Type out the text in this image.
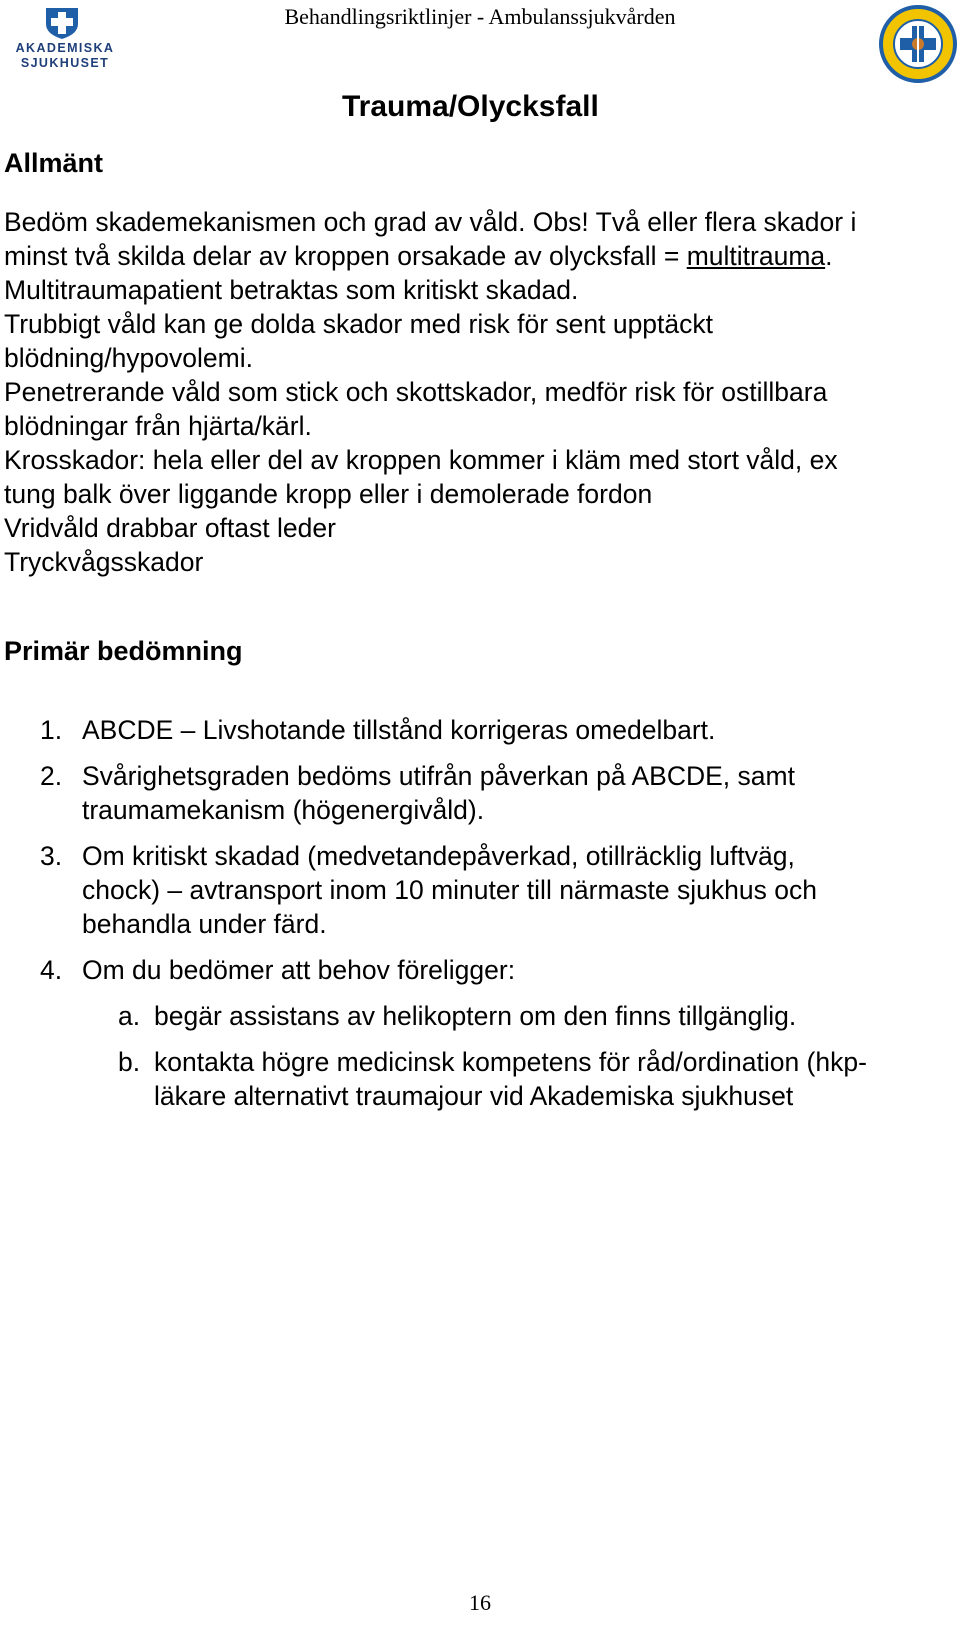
AKADEMISKA
SJUKHUSET
Behandlingsriktlinjer - Ambulanssjukvården
Trauma/Olycksfall
Allmänt
Bedöm skademekanismen och grad av våld. Obs! Två eller flera skador i
minst två skilda delar av kroppen orsakade av olycksfall = multitrauma.
Multitraumapatient betraktas som kritiskt skadad.
Trubbigt våld kan ge dolda skador med risk för sent upptäckt
blödning/hypovolemi.
Penetrerande våld som stick och skottskador, medför risk för ostillbara
blödningar från hjärta/kärl.
Krosskador: hela eller del av kroppen kommer i kläm med stort våld, ex
tung balk över liggande kropp eller i demolerade fordon
Vridvåld drabbar oftast leder
Tryckvågsskador
Primär bedömning
1. ABCDE – Livshotande tillstånd korrigeras omedelbart.
2. Svårighetsgraden bedöms utifrån påverkan på ABCDE, samt
traumamekanism (högenergivåld).
3. Om kritiskt skadad (medvetandepåverkad, otillräcklig luftväg,
chock) – avtransport inom 10 minuter till närmaste sjukhus och
behandla under färd.
4. Om du bedömer att behov föreligger:
a. begär assistans av helikoptern om den finns tillgänglig.
b. kontakta högre medicinsk kompetens för råd/ordination (hkp-
läkare alternativt traumajour vid Akademiska sjukhuset
16
